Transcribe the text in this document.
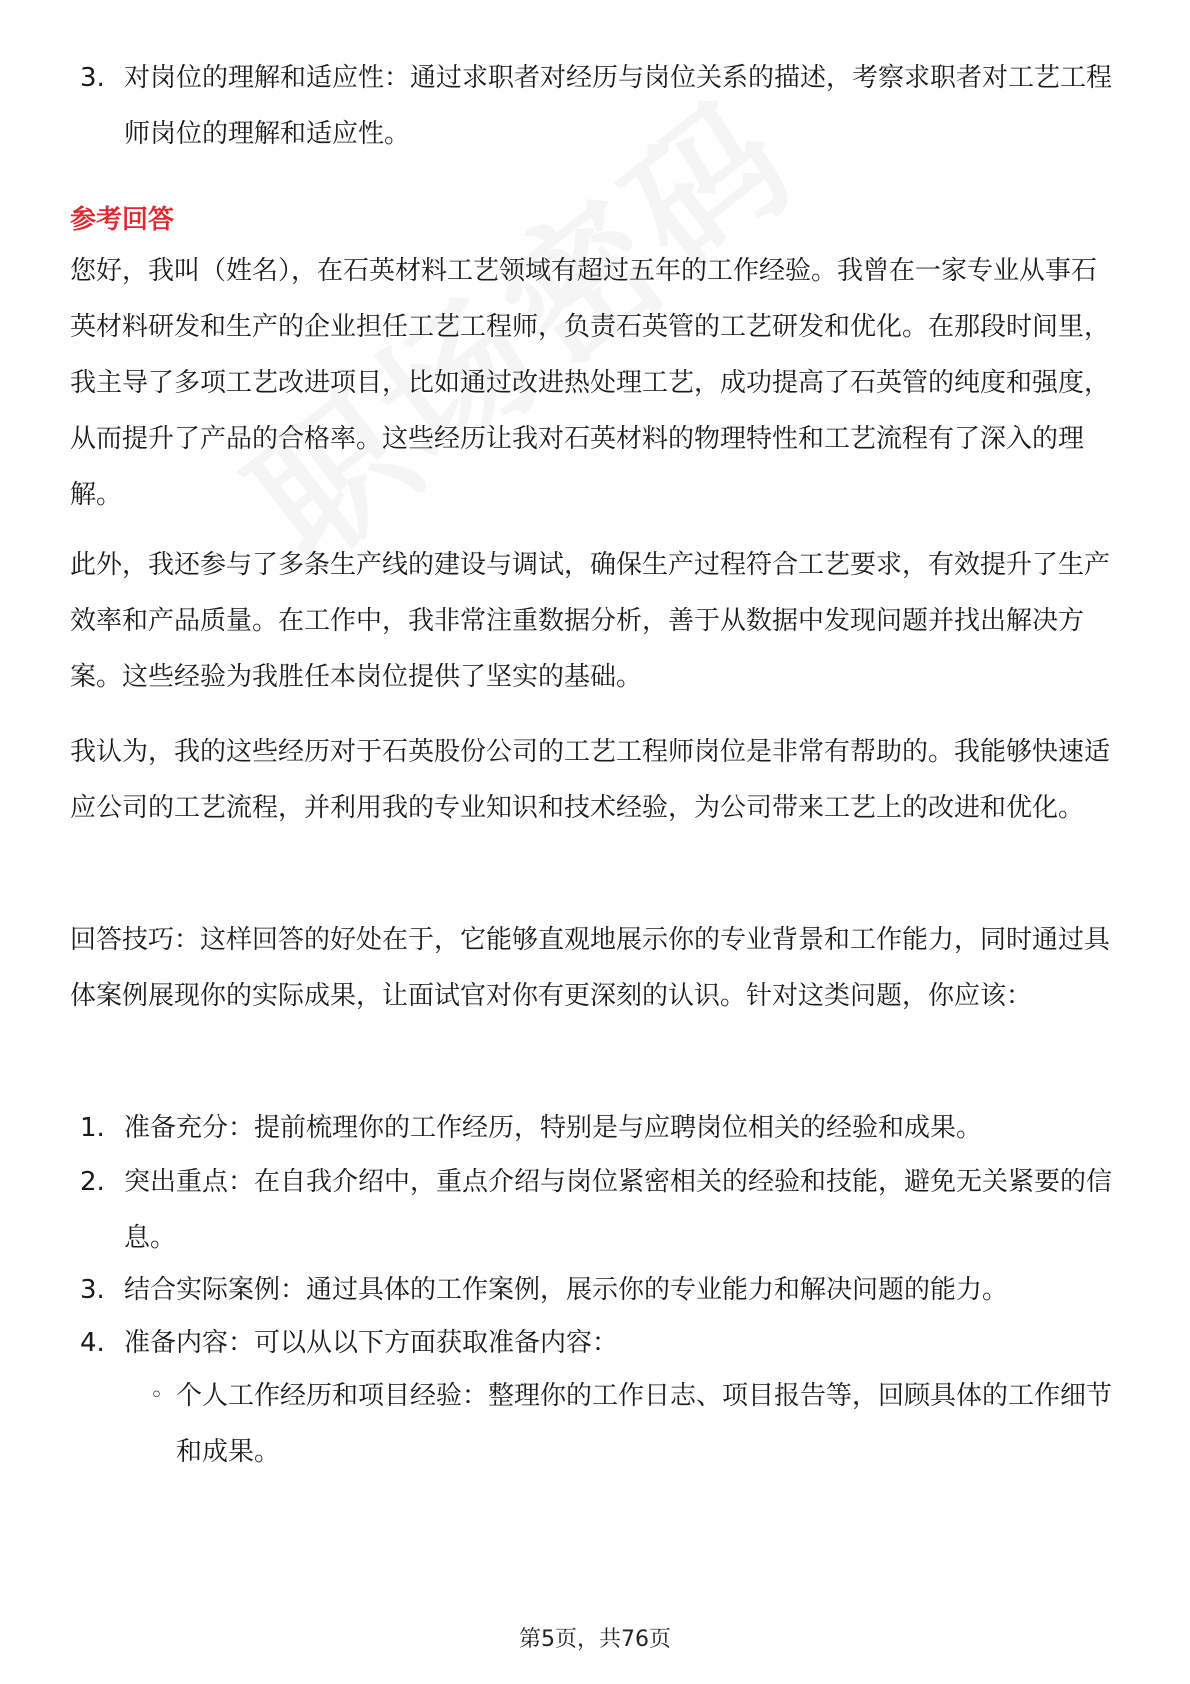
3. 对岗位的理解和适应性：通过求职者对经历与岗位关系的描述，考察求职者对工艺工程师岗位的理解和适应性。

参考回答

您好，我叫（姓名），在石英材料工艺领域有超过五年的工作经验。我曾在一家专业从事石英材料研发和生产的企业担任工艺工程师，负责石英管的工艺研发和优化。在那段时间里，我主导了多项工艺改进项目，比如通过改进热处理工艺，成功提高了石英管的纯度和强度，从而提升了产品的合格率。这些经历让我对石英材料的物理特性和工艺流程有了深入的理解。

此外，我还参与了多条生产线的建设与调试，确保生产过程符合工艺要求，有效提升了生产效率和产品质量。在工作中，我非常注重数据分析，善于从数据中发现问题并找出解决方案。这些经验为我胜任本岗位提供了坚实的基础。

我认为，我的这些经历对于石英股份公司的工艺工程师岗位是非常有帮助的。我能够快速适应公司的工艺流程，并利用我的专业知识和技术经验，为公司带来工艺上的改进和优化。

回答技巧：这样回答的好处在于，它能够直观地展示你的专业背景和工作能力，同时通过具体案例展现你的实际成果，让面试官对你有更深刻的认识。针对这类问题，你应该：

1. 准备充分：提前梳理你的工作经历，特别是与应聘岗位相关的经验和成果。

2. 突出重点：在自我介绍中，重点介绍与岗位紧密相关的经验和技能，避免无关紧要的信息。

3. 结合实际案例：通过具体的工作案例，展示你的专业能力和解决问题的能力。

4. 准备内容：可以从以下方面获取准备内容：

◦ 个人工作经历和项目经验：整理你的工作日志、项目报告等，回顾具体的工作细节和成果。

第5页，共76页
